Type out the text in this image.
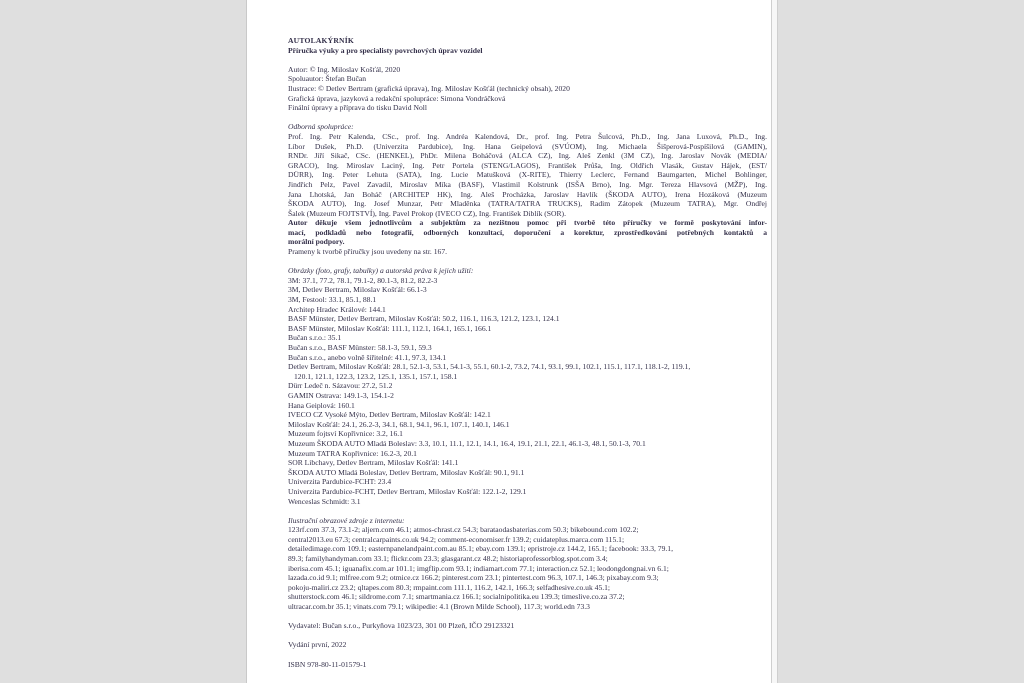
AUTOLAKÝRNÍK
Příručka výuky a pro specialisty povrchových úprav vozidel
Autor: © Ing. Miloslav Košťál, 2020
Spoluautor: Štefan Bučan
Ilustrace: © Detlev Bertram (grafická úprava), Ing. Miloslav Košťál (technický obsah), 2020
Grafická úprava, jazyková a redakční spolupráce: Simona Vondráčková
Finální úpravy a příprava do tisku David Noll
Odborná spolupráce:
Prof. Ing. Petr Kalenda, CSc., prof. Ing. Andréa Kalendová, Dr., prof. Ing. Petra Šulcová, Ph.D., Ing. Jana Luxová, Ph.D., Ing.
Líbor Dušek, Ph.D. (Univerzita Pardubice), Ing. Hana Geipelová (SVÚOM), Ing. Michaela Šišperová-Pospíšilová (GAMIN),
RNDr. Jiří Sikač, CSc. (HENKEL), PhDr. Milena Boháčová (ALCA CZ), Ing. Aleš Zenkl (3M CZ), Ing. Jaroslav Novák (MEDIA/
GRACO), Ing. Miroslav Laciný, Ing. Petr Portela (STENG/LAGOS), František Průša, Ing. Oldřich Vlasák, Gustav Hájek, (EST/
DÜRR), Ing. Peter Lehuta (SATA), Ing. Lucie Matušková (X-RITE), Thierry Leclerc, Fernand Baumgarten, Michel Bohlinger,
Jindřich Pelz, Pavel Zavadil, Miroslav Míka (BASF), Vlastimil Kolstrunk (ISŠA Brno), Ing. Mgr. Tereza Hlavsová (MŽP), Ing.
Jana Lhotská, Jan Boháč (ARCHITEP HK), Ing. Aleš Procházka, Jaroslav Havlík (ŠKODA AUTO), Irena Hozáková (Muzeum
ŠKODA AUTO), Ing. Josef Munzar, Petr Mladěnka (TATRA/TATRA TRUCKS), Radim Zátopek (Muzeum TATRA), Mgr. Ondřej
Šalek (Muzeum FOJTSTVÍ), Ing. Pavel Prokop (IVECO CZ), Ing. František Diblík (SOR).
Autor děkuje všem jednotlivcům a subjektům za nezištnou pomoc při tvorbě této příručky ve formě poskytování infor-
mací, podkladů nebo fotografií, odborných konzultací, doporučení a korektur, zprostředkování potřebných kontaktů a
morální podpory.
Prameny k tvorbě příručky jsou uvedeny na str. 167.
Obrázky (foto, grafy, tabulky) a autorská práva k jejich užití:
3M: 37.1, 77.2, 78.1, 79.1-2, 80.1-3, 81.2, 82.2-3
3M, Detlev Bertram, Miloslav Košťál: 66.1-3
3M, Festool: 33.1, 85.1, 88.1
Architep Hradec Králové: 144.1
BASF Münster, Detlev Bertram, Miloslav Košťál: 50.2, 116.1, 116.3, 121.2, 123.1, 124.1
BASF Münster, Miloslav Košťál: 111.1, 112.1, 164.1, 165.1, 166.1
Bučan s.r.o.: 35.1
Bučan s.r.o., BASF Münster: 58.1-3, 59.1, 59.3
Bučan s.r.o., anebo volně šiřitelné: 41.1, 97.3, 134.1
Detlev Bertram, Miloslav Košťál: 28.1, 52.1-3, 53.1, 54.1-3, 55.1, 60.1-2, 73.2, 74.1, 93.1, 99.1, 102.1, 115.1, 117.1, 118.1-2, 119.1,
120.1, 121.1, 122.3, 123.2, 125.1, 135.1, 157.1, 158.1
Dürr Ledeč n. Sázavou: 27.2, 51.2
GAMIN Ostrava: 149.1-3, 154.1-2
Hana Geiplová: 160.1
IVECO CZ Vysoké Mýto, Detlev Bertram, Miloslav Košťál: 142.1
Miloslav Košťál: 24.1, 26.2-3, 34.1, 68.1, 94.1, 96.1, 107.1, 140.1, 146.1
Muzeum fojtsví Kopřivnice: 3.2, 16.1
Muzeum ŠKODA AUTO Mladá Boleslav: 3.3, 10.1, 11.1, 12.1, 14.1, 16.4, 19.1, 21.1, 22.1, 46.1-3, 48.1, 50.1-3, 70.1
Muzeum TATRA Kopřivnice: 16.2-3, 20.1
SOR Libchavy, Detlev Bertram, Miloslav Košťál: 141.1
ŠKODA AUTO Mladá Boleslav, Detlev Bertram, Miloslav Košťál: 90.1, 91.1
Univerzita Pardubice-FCHT: 23.4
Univerzita Pardubice-FCHT, Detlev Bertram, Miloslav Košťál: 122.1-2, 129.1
Wenceslas Schmidt: 3.1
Ilustrační obrazové zdroje z internetu:
123rf.com 37.3, 73.1-2; aljern.com 46.1; atmos-chrast.cz 54.3; barataodasbaterias.com 50.3; bikebound.com 102.2;
central2013.eu 67.3; centralcarpaints.co.uk 94.2; comment-economiser.fr 139.2; cuidateplus.marca.com 115.1;
detailedimage.com 109.1; easternpanelandpaint.com.au 85.1; ebay.com 139.1; epristroje.cz 144.2, 165.1; facebook: 33.3, 79.1,
89.3; familyhandyman.com 33.1; flickr.com 23.3; glasgarant.cz 48.2; historiaprofessorblog.spot.com 3.4;
iberisa.com 45.1; iguanafix.com.ar 101.1; imgflip.com 93.1; indiamart.com 77.1; interaction.cz 52.1; leodongdongnai.vn 6.1;
lazada.co.id 9.1; mlfree.com 9.2; otmice.cz 166.2; pinterest.com 23.1; pintertest.com 96.3, 107.1, 146.3; pixabay.com 9.3;
pokoju-maliri.cz 23.2; qltapes.com 80.3; rmpaint.com 111.1, 116.2, 142.1, 166.3; selfadhesive.co.uk 45.1;
shutterstock.com 46.1; sildrome.com 7.1; smartmania.cz 166.1; socialnipolitika.eu 139.3; timeslive.co.za 37.2;
ultracar.com.br 35.1; vinats.com 79.1; wikipedie: 4.1 (Brown Milde School), 117.3; world.edn 73.3
Vydavatel: Bučan s.r.o., Purkyňova 1023/23, 301 00 Plzeň, IČO 29123321
Vydání první, 2022
ISBN 978-80-11-01579-1
